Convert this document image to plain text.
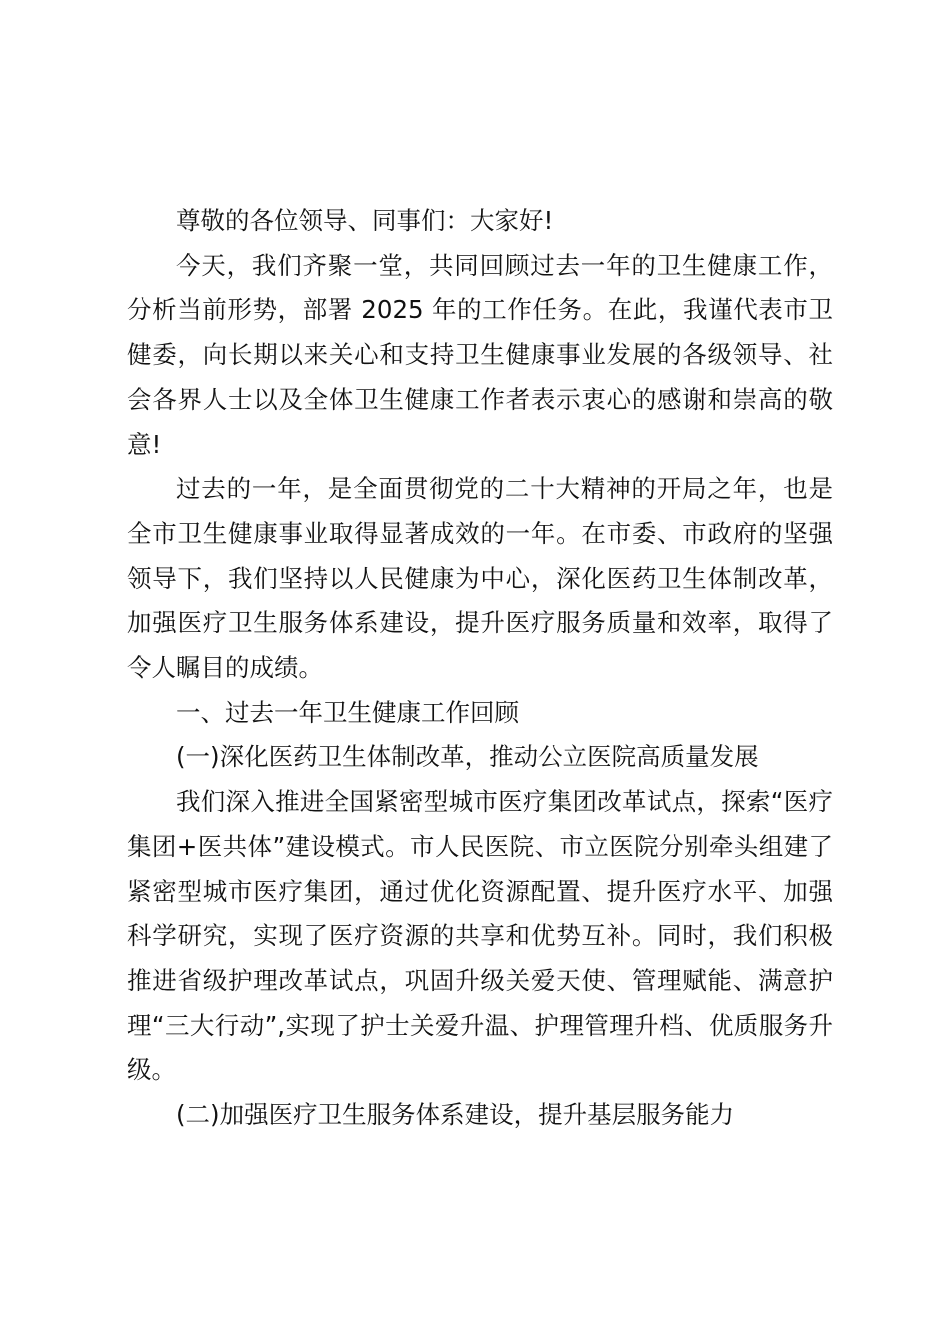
尊敬的各位领导、同事们：大家好!

今天，我们齐聚一堂，共同回顾过去一年的卫生健康工作，分析当前形势，部署 2025 年的工作任务。在此，我谨代表市卫健委，向长期以来关心和支持卫生健康事业发展的各级领导、社会各界人士以及全体卫生健康工作者表示衷心的感谢和崇高的敬意!

过去的一年，是全面贯彻党的二十大精神的开局之年，也是全市卫生健康事业取得显著成效的一年。在市委、市政府的坚强领导下，我们坚持以人民健康为中心，深化医药卫生体制改革，加强医疗卫生服务体系建设，提升医疗服务质量和效率，取得了令人瞩目的成绩。

一、过去一年卫生健康工作回顾

(一)深化医药卫生体制改革，推动公立医院高质量发展

我们深入推进全国紧密型城市医疗集团改革试点，探索“医疗集团+医共体”建设模式。市人民医院、市立医院分别牵头组建了紧密型城市医疗集团，通过优化资源配置、提升医疗水平、加强科学研究，实现了医疗资源的共享和优势互补。同时，我们积极推进省级护理改革试点，巩固升级关爱天使、管理赋能、满意护理“三大行动”,实现了护士关爱升温、护理管理升档、优质服务升级。

(二)加强医疗卫生服务体系建设，提升基层服务能力
